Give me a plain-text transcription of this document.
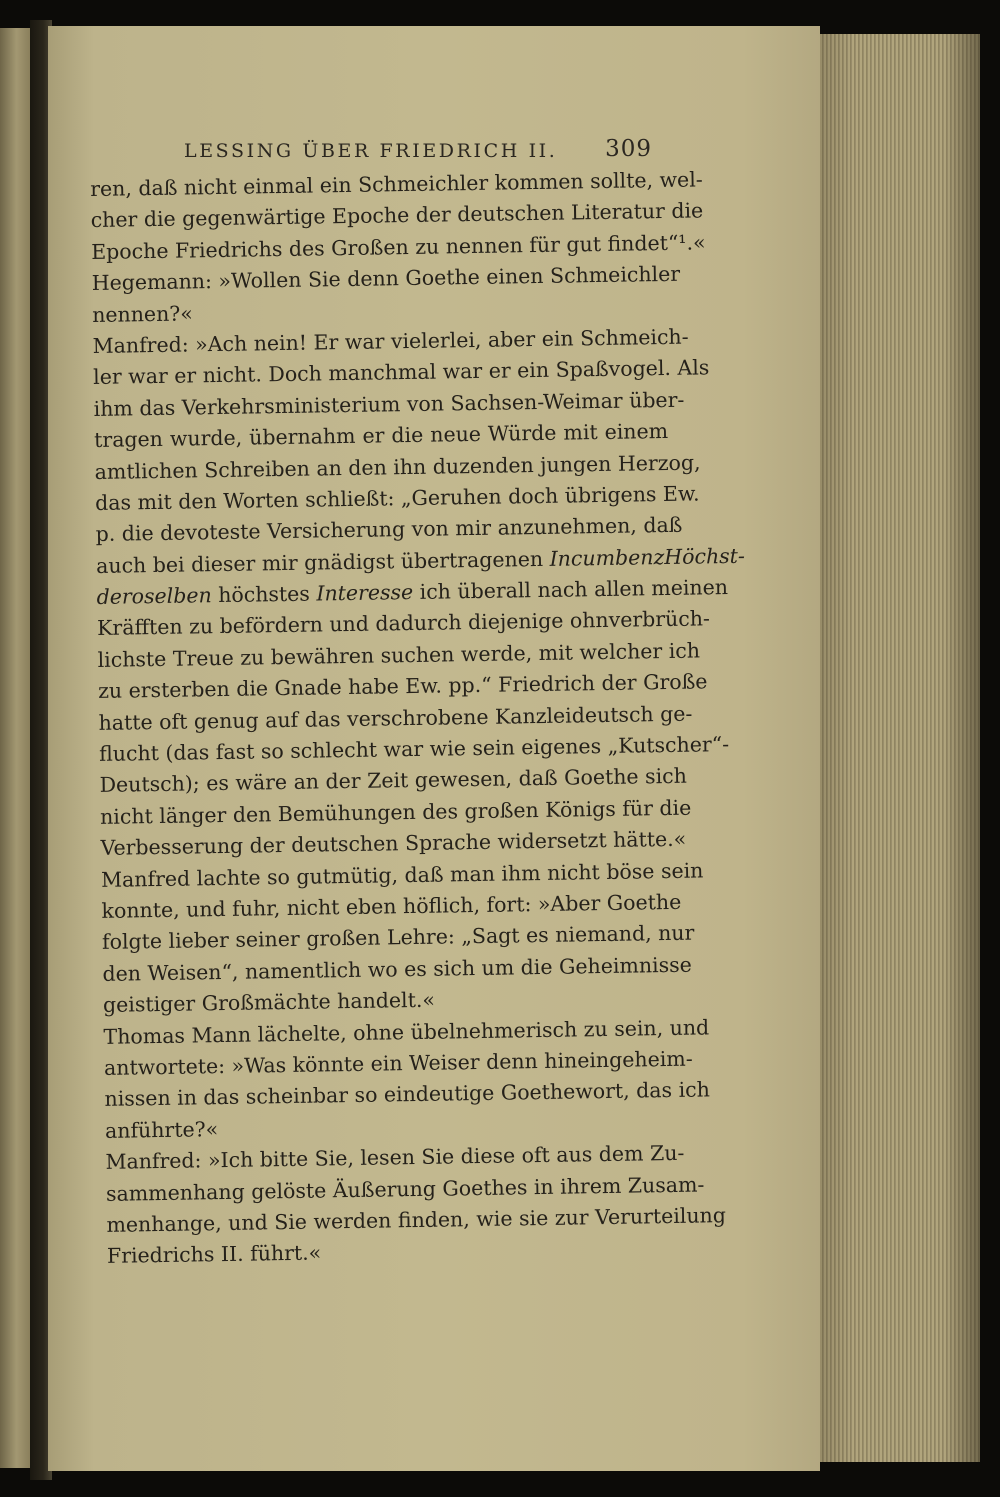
LESSING ÜBER FRIEDRICH II. 309
ren, daß nicht einmal ein Schmeichler kommen sollte, wel-
cher die gegenwärtige Epoche der deutschen Literatur die
Epoche Friedrichs des Großen zu nennen für gut findet“¹.«
Hegemann: »Wollen Sie denn Goethe einen Schmeichler
nennen?«
Manfred: »Ach nein! Er war vielerlei, aber ein Schmeich-
ler war er nicht. Doch manchmal war er ein Spaßvogel. Als
ihm das Verkehrsministerium von Sachsen-Weimar über-
tragen wurde, übernahm er die neue Würde mit einem
amtlichen Schreiben an den ihn duzenden jungen Herzog,
das mit den Worten schließt: „Geruhen doch übrigens Ew.
p. die devoteste Versicherung von mir anzunehmen, daß
auch bei dieser mir gnädigst übertragenen IncumbenzHöchst-
deroselben höchstes Interesse ich überall nach allen meinen
Kräfften zu befördern und dadurch diejenige ohnverbrüch-
lichste Treue zu bewähren suchen werde, mit welcher ich
zu ersterben die Gnade habe Ew. pp.“ Friedrich der Große
hatte oft genug auf das verschrobene Kanzleideutsch ge-
flucht (das fast so schlecht war wie sein eigenes „Kutscher“-
Deutsch); es wäre an der Zeit gewesen, daß Goethe sich
nicht länger den Bemühungen des großen Königs für die
Verbesserung der deutschen Sprache widersetzt hätte.«
Manfred lachte so gutmütig, daß man ihm nicht böse sein
konnte, und fuhr, nicht eben höflich, fort: »Aber Goethe
folgte lieber seiner großen Lehre: „Sagt es niemand, nur
den Weisen“, namentlich wo es sich um die Geheimnisse
geistiger Großmächte handelt.«
Thomas Mann lächelte, ohne übelnehmerisch zu sein, und
antwortete: »Was könnte ein Weiser denn hineingeheim-
nissen in das scheinbar so eindeutige Goethewort, das ich
anführte?«
Manfred: »Ich bitte Sie, lesen Sie diese oft aus dem Zu-
sammenhang gelöste Äußerung Goethes in ihrem Zusam-
menhange, und Sie werden finden, wie sie zur Verurteilung
Friedrichs II. führt.«
